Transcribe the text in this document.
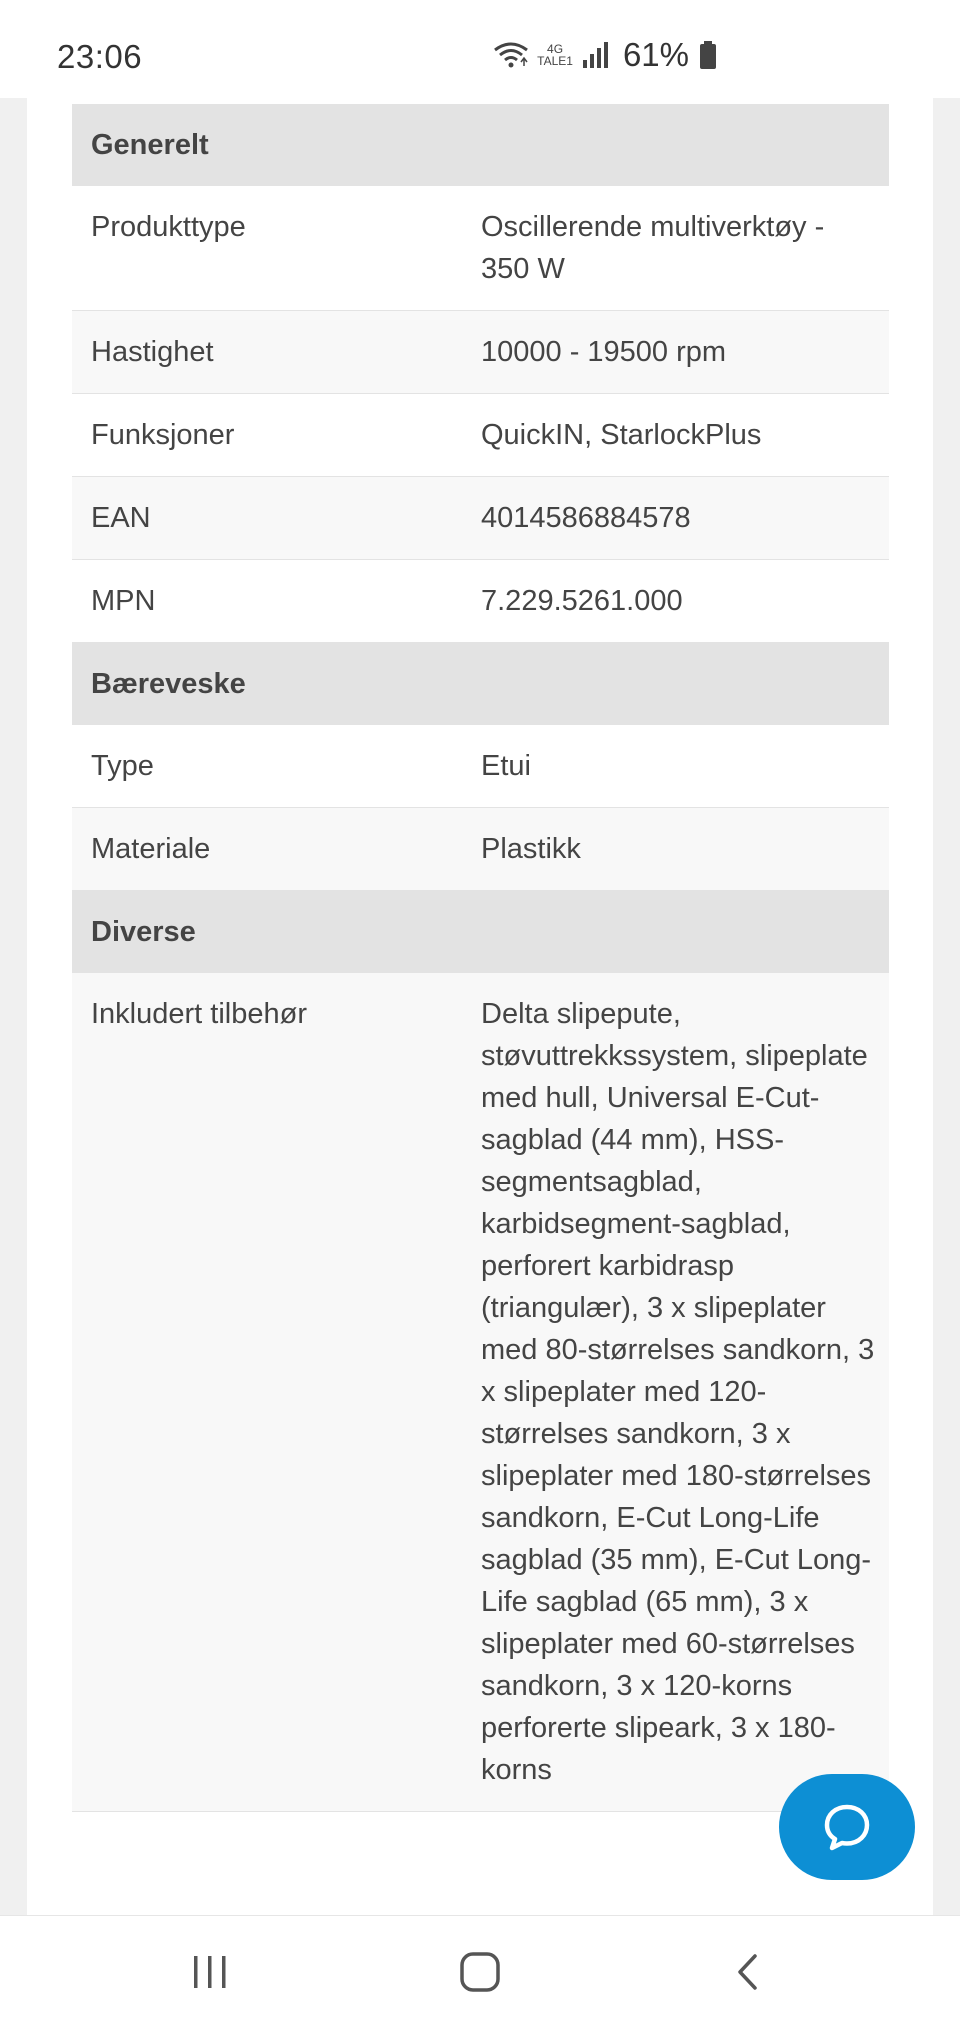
23:06	4G
TALE1 61%
Generelt
Produkttype	Oscillerende multiverktøy - 350 W
Hastighet	10000 - 19500 rpm
Funksjoner	QuickIN, StarlockPlus
EAN	4014586884578
MPN	7.229.5261.000
Bæreveske
Type	Etui
Materiale	Plastikk
Diverse
Inkludert tilbehør	Delta slipepute, støvuttrekkssystem, slipeplate med hull, Universal E-Cut-sagblad (44 mm), HSS-segmentsagblad, karbidsegment-sagblad, perforert karbidrasp (triangulær), 3 x slipeplater med 80-størrelses sandkorn, 3 x slipeplater med 120-størrelses sandkorn, 3 x slipeplater med 180-størrelses sandkorn, E-Cut Long-Life sagblad (35 mm), E-Cut Long-Life sagblad (65 mm), 3 x slipeplater med 60-størrelses sandkorn, 3 x 120-korns perforerte slipeark, 3 x 180-korns
